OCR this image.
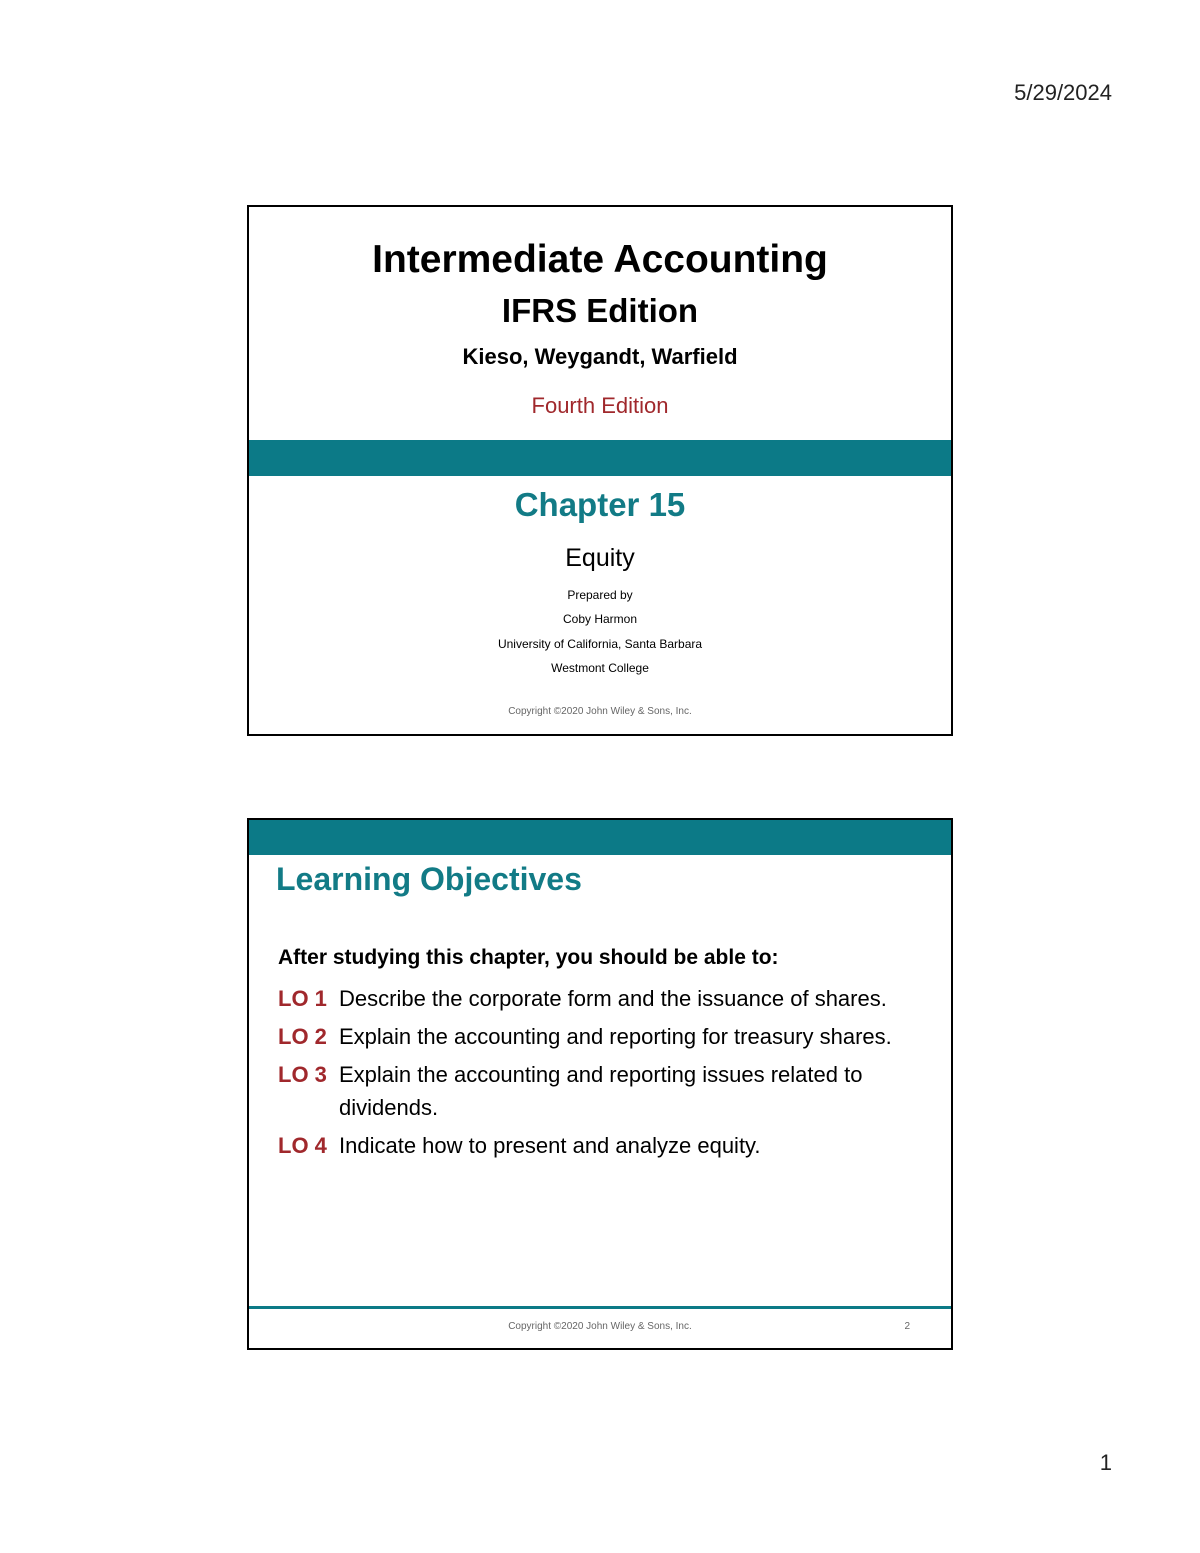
5/29/2024
Intermediate Accounting
IFRS Edition
Kieso, Weygandt, Warfield
Fourth Edition
Chapter 15
Equity
Prepared by
Coby Harmon
University of California, Santa Barbara
Westmont College
Copyright ©2020 John Wiley & Sons, Inc.
Learning Objectives
After studying this chapter, you should be able to:
LO 1 Describe the corporate form and the issuance of shares.
LO 2 Explain the accounting and reporting for treasury shares.
LO 3 Explain the accounting and reporting issues related to dividends.
LO 4 Indicate how to present and analyze equity.
Copyright ©2020 John Wiley & Sons, Inc.	2
1
